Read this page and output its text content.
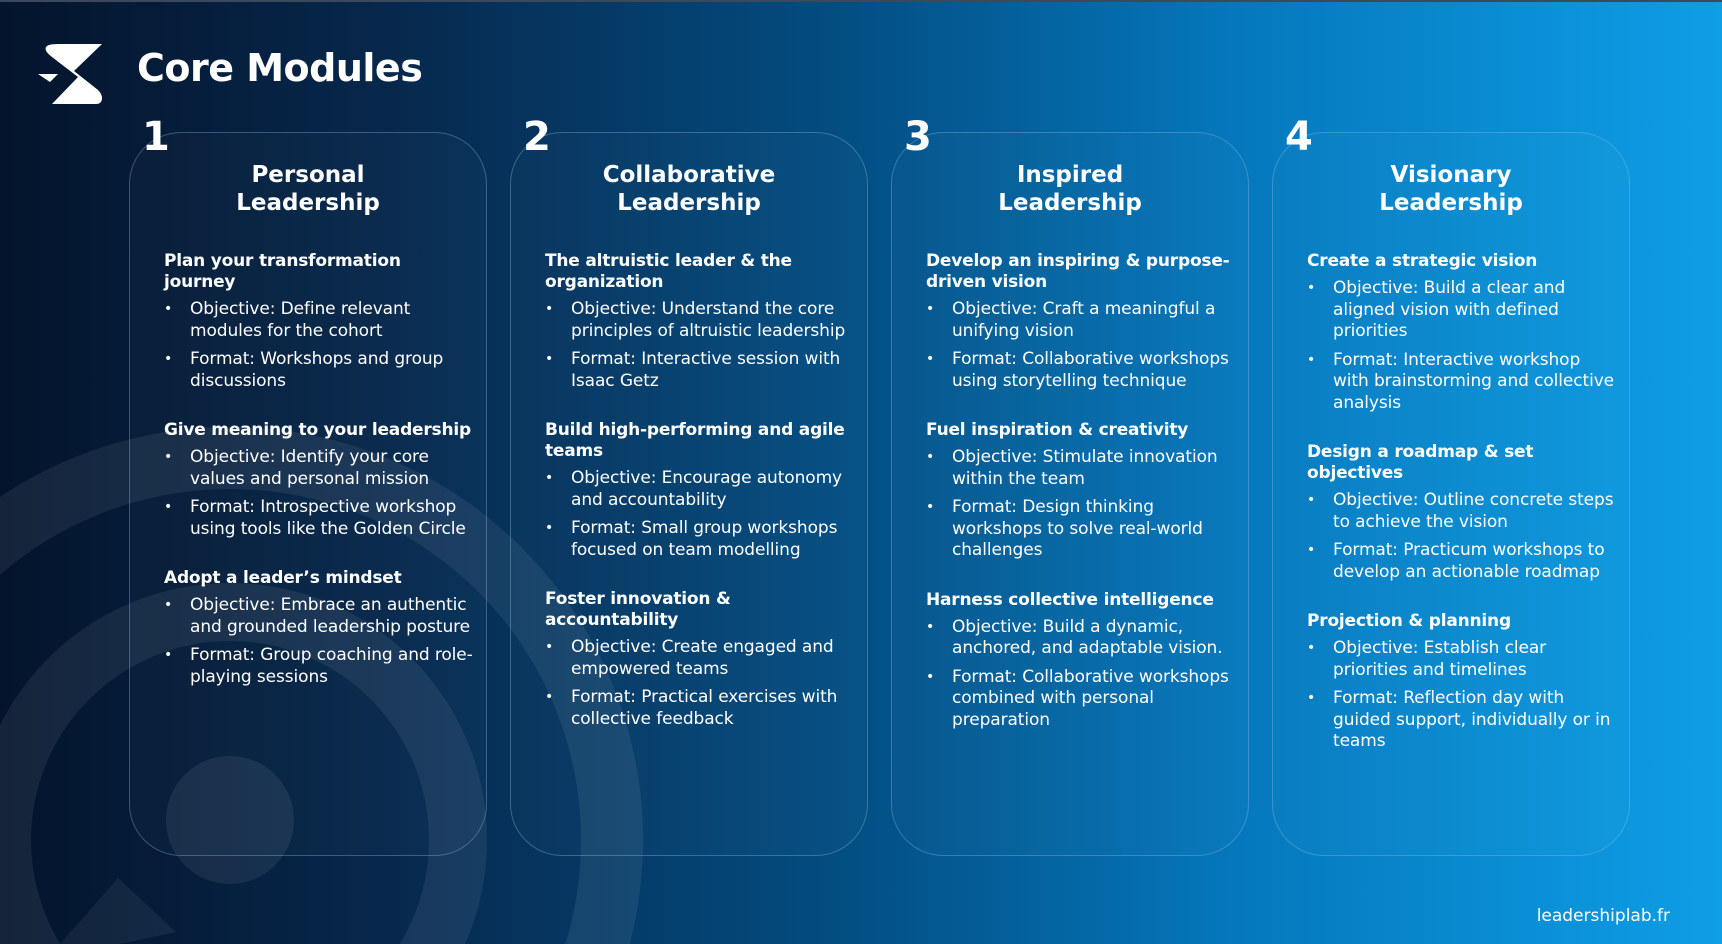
Core Modules
1
Personal
Leadership
Plan your transformation journey
• Objective: Define relevant modules for the cohort
• Format: Workshops and group discussions
Give meaning to your leadership
• Objective: Identify your core values and personal mission
• Format: Introspective workshop using tools like the Golden Circle
Adopt a leader’s mindset
• Objective: Embrace an authentic and grounded leadership posture
• Format: Group coaching and role-playing sessions
2
Collaborative
Leadership
The altruistic leader & the organization
• Objective: Understand the core principles of altruistic leadership
• Format: Interactive session with Isaac Getz
Build high-performing and agile teams
• Objective: Encourage autonomy and accountability
• Format: Small group workshops focused on team modelling
Foster innovation & accountability
• Objective: Create engaged and empowered teams
• Format: Practical exercises with collective feedback
3
Inspired
Leadership
Develop an inspiring & purpose-driven vision
• Objective: Craft a meaningful a unifying vision
• Format: Collaborative workshops using storytelling technique
Fuel inspiration & creativity
• Objective: Stimulate innovation within the team
• Format: Design thinking workshops to solve real-world challenges
Harness collective intelligence
• Objective: Build a dynamic, anchored, and adaptable vision.
• Format: Collaborative workshops combined with personal preparation
4
Visionary
Leadership
Create a strategic vision
• Objective: Build a clear and aligned vision with defined priorities
• Format: Interactive workshop with brainstorming and collective analysis
Design a roadmap & set objectives
• Objective: Outline concrete steps to achieve the vision
• Format: Practicum workshops to develop an actionable roadmap
Projection & planning
• Objective: Establish clear priorities and timelines
• Format: Reflection day with guided support, individually or in teams
leadershiplab.fr
